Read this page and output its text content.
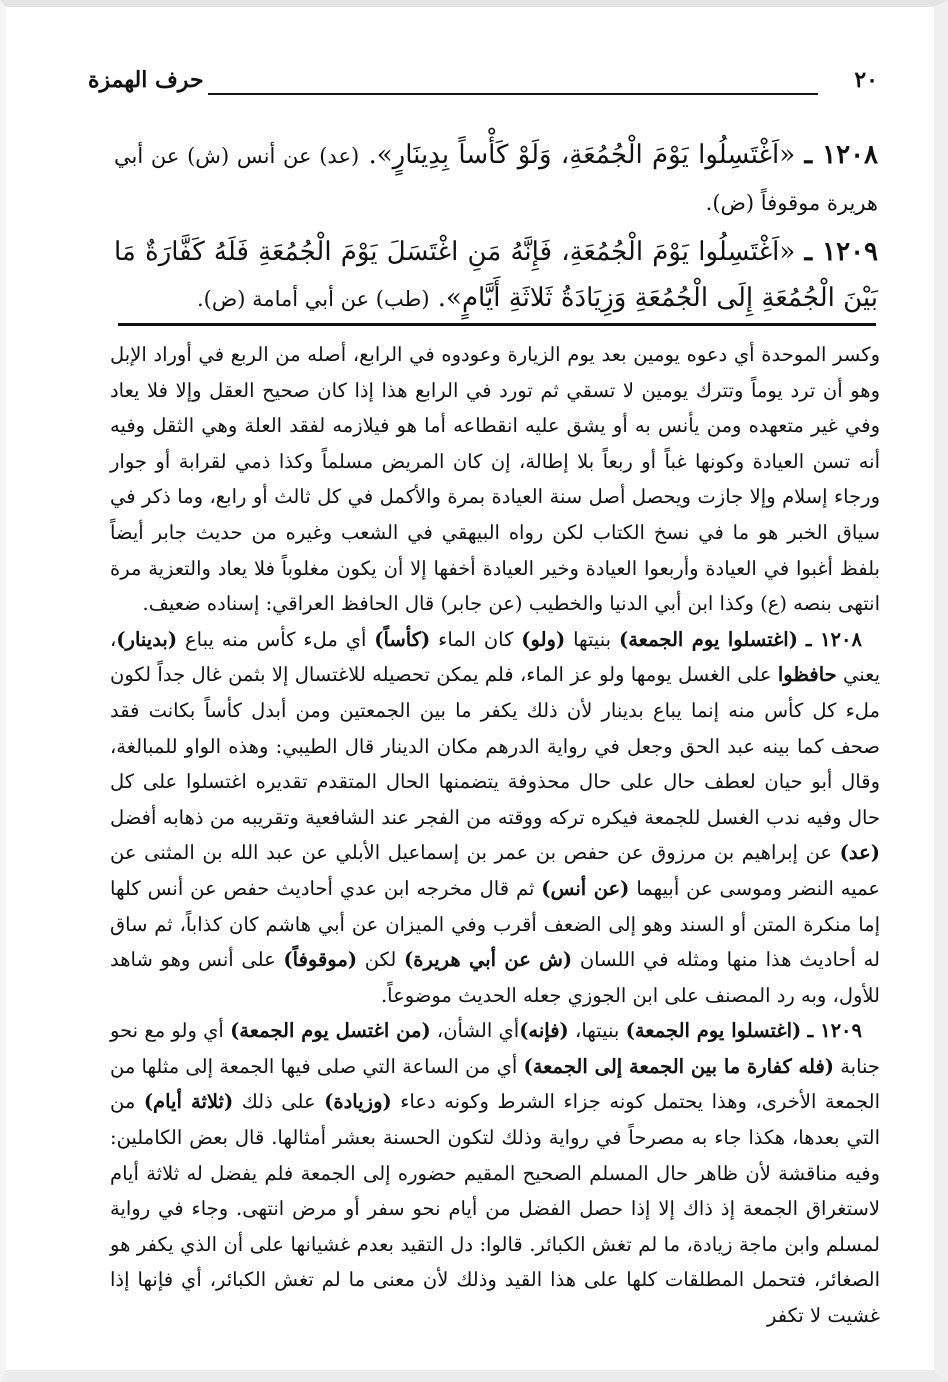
٢٠
حرف الهمزة
١٢٠٨ ـ «اَغْتَسِلُوا يَوْمَ الْجُمُعَةِ، وَلَوْ كَأْساً بِدِينَارٍ». (عد) عن أنس (ش) عن أبي هريرة موقوفاً (ض).
١٢٠٩ ـ «اَغْتَسِلُوا يَوْمَ الْجُمُعَةِ، فَإِنَّهُ مَنِ اغْتَسَلَ يَوْمَ الْجُمُعَةِ فَلَهُ كَفَّارَةٌ مَا بَيْنَ الْجُمُعَةِ إِلَى الْجُمُعَةِ وَزِيَادَةُ ثَلاثَةِ أَيَّامٍ». (طب) عن أبي أمامة (ض).

وكسر الموحدة أي دعوه يومين بعد يوم الزيارة وعودوه في الرابع، أصله من الربع في أوراد الإبل وهو أن ترد يوماً وتترك يومين لا تسقي ثم تورد في الرابع هذا إذا كان صحيح العقل وإلا فلا يعاد وفي غير متعهده ومن يأنس به أو يشق عليه انقطاعه أما هو فيلازمه لفقد العلة وهي الثقل وفيه أنه تسن العيادة وكونها غباً أو ربعاً بلا إطالة، إن كان المريض مسلماً وكذا ذمي لقرابة أو جوار ورجاء إسلام وإلا جازت ويحصل أصل سنة العيادة بمرة والأكمل في كل ثالث أو رابع، وما ذكر في سياق الخبر هو ما في نسخ الكتاب لكن رواه البيهقي في الشعب وغيره من حديث جابر أيضاً بلفظ أغبوا في العيادة وأربعوا العيادة وخير العيادة أخفها إلا أن يكون مغلوباً فلا يعاد والتعزية مرة انتهى بنصه (ع) وكذا ابن أبي الدنيا والخطيب (عن جابر) قال الحافظ العراقي: إسناده ضعيف.

١٢٠٨ ـ (اغتسلوا يوم الجمعة) بنيتها (ولو) كان الماء (كأساً) أي ملء كأس منه يباع (بدينار)، يعني حافظوا على الغسل يومها ولو عز الماء، فلم يمكن تحصيله للاغتسال إلا بثمن غال جداً لكون ملء كل كأس منه إنما يباع بدينار لأن ذلك يكفر ما بين الجمعتين ومن أبدل كأساً بكانت فقد صحف كما بينه عبد الحق وجعل في رواية الدرهم مكان الدينار قال الطيبي: وهذه الواو للمبالغة، وقال أبو حيان لعطف حال على حال محذوفة يتضمنها الحال المتقدم تقديره اغتسلوا على كل حال وفيه ندب الغسل للجمعة فيكره تركه ووقته من الفجر عند الشافعية وتقريبه من ذهابه أفضل (عد) عن إبراهيم بن مرزوق عن حفص بن عمر بن إسماعيل الأبلي عن عبد الله بن المثنى عن عميه النضر وموسى عن أبيهما (عن أنس) ثم قال مخرجه ابن عدي أحاديث حفص عن أنس كلها إما منكرة المتن أو السند وهو إلى الضعف أقرب وفي الميزان عن أبي هاشم كان كذاباً، ثم ساق له أحاديث هذا منها ومثله في اللسان (ش عن أبي هريرة) لكن (موقوفاً) على أنس وهو شاهد للأول، وبه رد المصنف على ابن الجوزي جعله الحديث موضوعاً.

١٢٠٩ ـ (اغتسلوا يوم الجمعة) بنيتها، (فإنه)أي الشأن، (من اغتسل يوم الجمعة) أي ولو مع نحو جنابة (فله كفارة ما بين الجمعة إلى الجمعة) أي من الساعة التي صلى فيها الجمعة إلى مثلها من الجمعة الأخرى، وهذا يحتمل كونه جزاء الشرط وكونه دعاء (وزيادة) على ذلك (ثلاثة أيام) من التي بعدها، هكذا جاء به مصرحاً في رواية وذلك لتكون الحسنة بعشر أمثالها. قال بعض الكاملين: وفيه مناقشة لأن ظاهر حال المسلم الصحيح المقيم حضوره إلى الجمعة فلم يفضل له ثلاثة أيام لاستغراق الجمعة إذ ذاك إلا إذا حصل الفضل من أيام نحو سفر أو مرض انتهى. وجاء في رواية لمسلم وابن ماجة زيادة، ما لم تغش الكبائر. قالوا: دل التقيد بعدم غشيانها على أن الذي يكفر هو الصغائر، فتحمل المطلقات كلها على هذا القيد وذلك لأن معنى ما لم تغش الكبائر، أي فإنها إذا غشيت لا تكفر
